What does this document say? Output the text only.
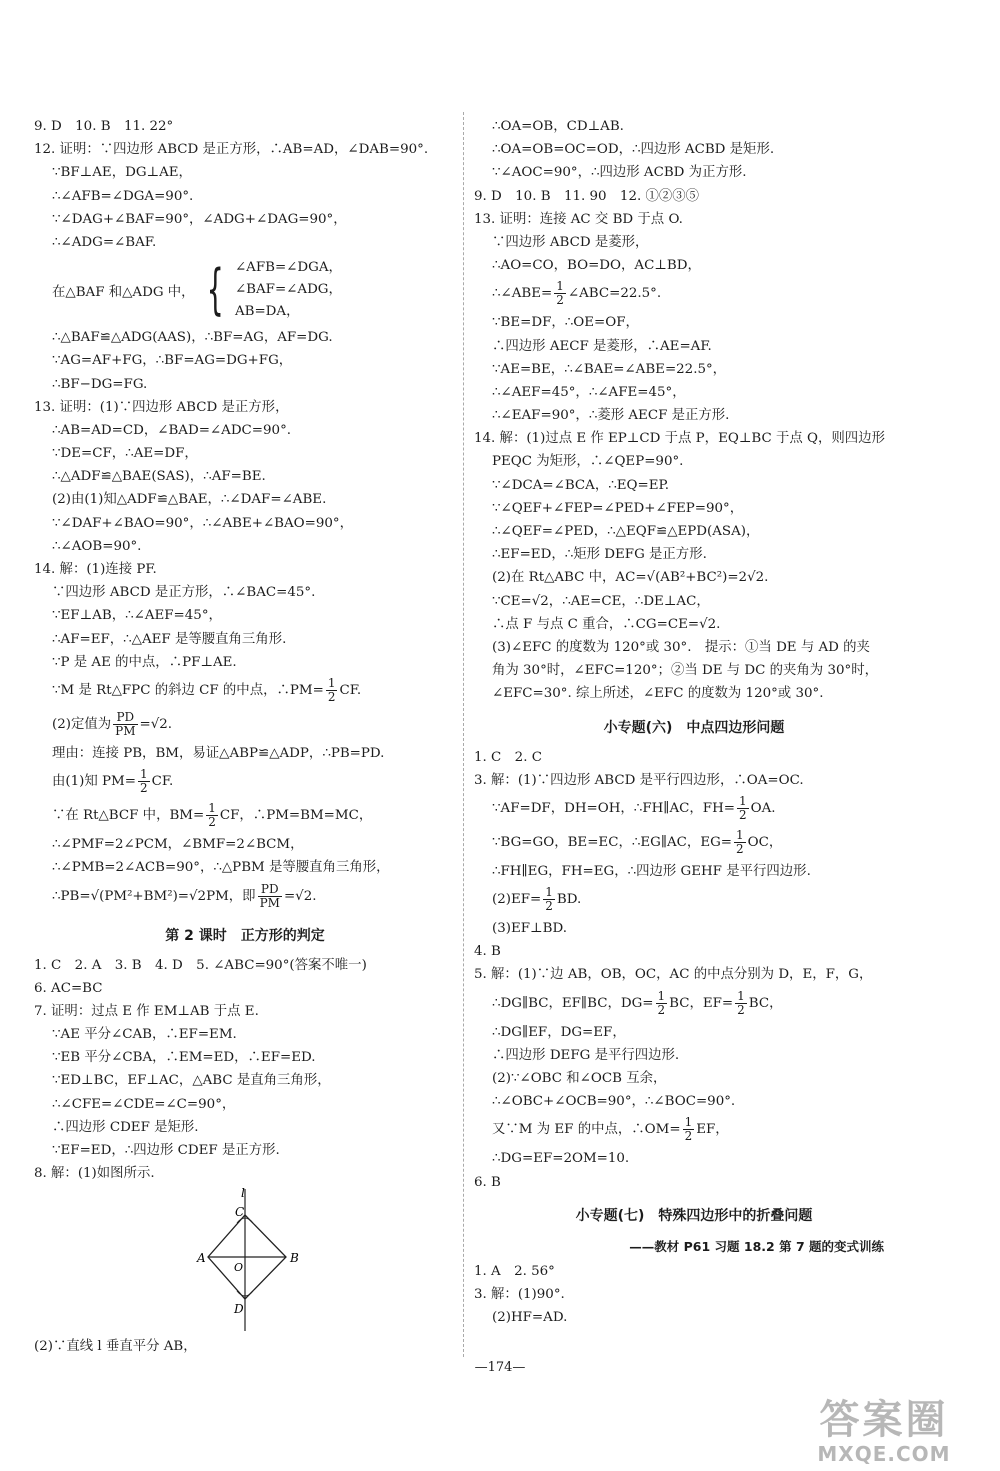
9. D　10. B　11. 22°
12. 证明：∵四边形 ABCD 是正方形，∴AB=AD，∠DAB=90°.
∵BF⊥AE，DG⊥AE，
∴∠AFB=∠DGA=90°.
∵∠DAG+∠BAF=90°，∠ADG+∠DAG=90°，
∴∠ADG=∠BAF.
在△BAF 和△ADG 中， { ∠AFB=∠DGA，
∠BAF=∠ADG，
AB=DA，
∴△BAF≌△ADG(AAS)，∴BF=AG，AF=DG.
∵AG=AF+FG，∴BF=AG=DG+FG，
∴BF−DG=FG.
13. 证明：(1)∵四边形 ABCD 是正方形，
∴AB=AD=CD，∠BAD=∠ADC=90°.
∵DE=CF，∴AE=DF，
∴△ADF≌△BAE(SAS)，∴AF=BE.
(2)由(1)知△ADF≌△BAE，∴∠DAF=∠ABE.
∵∠DAF+∠BAO=90°，∴∠ABE+∠BAO=90°，
∴∠AOB=90°.
14. 解：(1)连接 PF.
∵四边形 ABCD 是正方形，∴∠BAC=45°.
∵EF⊥AB，∴∠AEF=45°，
∴AF=EF，∴△AEF 是等腰直角三角形.
∵P 是 AE 的中点，∴PF⊥AE.
∵M 是 Rt△FPC 的斜边 CF 的中点，∴PM= $\frac{1}{2}$ CF.
(2)定值为 $\frac{PD}{PM} =√2$.
理由：连接 PB，BM，易证△ABP≌△ADP，∴PB=PD.
由(1)知 $PM= \frac{1}{2}$ CF.
∵在 Rt△BCF 中，$BM= \frac{1}{2}$ CF，∴PM=BM=MC，
∴∠PMF=2∠PCM，∠BMF=2∠BCM，
∴∠PMB=2∠ACB=90°，∴△PBM 是等腰直角三角形，
∴PB=√(PM²+BM²)=√2PM，即 $\frac{PD}{PM} =√2$.
第 2 课时　正方形的判定
1. C　2. A　3. B　4. D　5. ∠ABC=90°(答案不唯一)
6. AC=BC
7. 证明：过点 E 作 EM⊥AB 于点 E.
∵AE 平分∠CAB，∴EF=EM.
∵EB 平分∠CBA，∴EM=ED，∴EF=ED.
∵ED⊥BC，EF⊥AC，△ABC 是直角三角形，
∴∠CFE=∠CDE=∠C=90°，
∴四边形 CDEF 是矩形.
∵EF=ED，∴四边形 CDEF 是正方形.
8. 解：(1)如图所示.
l
C
A	B
O
D
(2)∵直线 l 垂直平分 AB，
∴OA=OB，CD⊥AB.
∴OA=OB=OC=OD，∴四边形 ACBD 是矩形.
∵∠AOC=90°，∴四边形 ACBD 为正方形.
9. D　10. B　11. 90　12. ①②③⑤
13. 证明：连接 AC 交 BD 于点 O.
∵四边形 ABCD 是菱形，
∴AO=CO，BO=DO，AC⊥BD，
∴∠ABE= $\frac{1}{2}$ ∠ABC=22.5°.
∵BE=DF，∴OE=OF，
∴四边形 AECF 是菱形，∴AE=AF.
∵AE=BE，∴∠BAE=∠ABE=22.5°，
∴∠AEF=45°，∴∠AFE=45°，
∴∠EAF=90°，∴菱形 AECF 是正方形.
14. 解：(1)过点 E 作 EP⊥CD 于点 P，EQ⊥BC 于点 Q，则四边形
PEQC 为矩形，∴∠QEP=90°.
∵∠DCA=∠BCA，∴EQ=EP.
∵∠QEF+∠FEP=∠PED+∠FEP=90°，
∴∠QEF=∠PED，∴△EQF≌△EPD(ASA)，
∴EF=ED，∴矩形 DEFG 是正方形.
(2)在 Rt△ABC 中，AC=√(AB²+BC²)=2√2.
∵CE=√2，∴AE=CE，∴DE⊥AC，
∴点 F 与点 C 重合，∴CG=CE=√2.
(3)∠EFC 的度数为 120°或 30°.　提示：①当 DE 与 AD 的夹
角为 30°时，∠EFC=120°；②当 DE 与 DC 的夹角为 30°时，
∠EFC=30°. 综上所述，∠EFC 的度数为 120°或 30°.
小专题(六)　中点四边形问题
1. C　2. C
3. 解：(1)∵四边形 ABCD 是平行四边形，∴OA=OC.
∵AF=DF，DH=OH，∴FH∥AC，$FH= \frac{1}{2}$ OA.
∵BG=GO，BE=EC，∴EG∥AC，$EG= \frac{1}{2}$ OC，
∴FH∥EG，FH=EG，∴四边形 GEHF 是平行四边形.
$(2)EF= \frac{1}{2}$ BD.
(3)EF⊥BD.
4. B
5. 解：(1)∵边 AB，OB，OC，AC 的中点分别为 D，E，F，G，
∴DG∥BC，EF∥BC，$DG= \frac{1}{2}$ BC，$EF= \frac{1}{2}$ BC，
∴DG∥EF，DG=EF，
∴四边形 DEFG 是平行四边形.
(2)∵∠OBC 和∠OCB 互余，
∴∠OBC+∠OCB=90°，∴∠BOC=90°.
又∵M 为 EF 的中点，∴OM= $\frac{1}{2}$ EF，
∴DG=EF=2OM=10.
6. B
小专题(七)　特殊四边形中的折叠问题
——教材 P61 习题 18.2 第 7 题的变式训练
1. A　2. 56°
3. 解：(1)90°.
(2)HF=AD.
—174—
答案圈
MXQE.COM
